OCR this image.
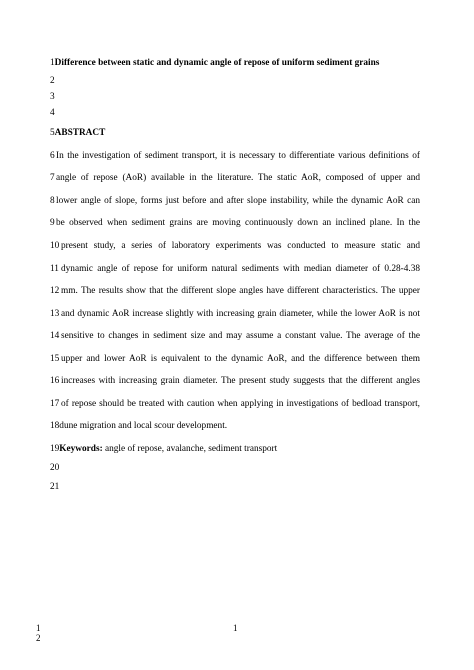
1Difference between static and dynamic angle of repose of uniform sediment grains
2
3
4
5ABSTRACT
6 In the investigation of sediment transport, it is necessary to differentiate various definitions of
7 angle of repose (AoR) available in the literature. The static AoR, composed of upper and
8 lower angle of slope, forms just before and after slope instability, while the dynamic AoR can
9 be observed when sediment grains are moving continuously down an inclined plane. In the
10 present study, a series of laboratory experiments was conducted to measure static and
11 dynamic angle of repose for uniform natural sediments with median diameter of 0.28-4.38
12 mm. The results show that the different slope angles have different characteristics. The upper
13 and dynamic AoR increase slightly with increasing grain diameter, while the lower AoR is not
14 sensitive to changes in sediment size and may assume a constant value. The average of the
15 upper and lower AoR is equivalent to the dynamic AoR, and the difference between them
16 increases with increasing grain diameter. The present study suggests that the different angles
17 of repose should be treated with caution when applying in investigations of bedload transport,
18dune migration and local scour development.
19Keywords: angle of repose, avalanche, sediment transport
20
21
1
2
1
